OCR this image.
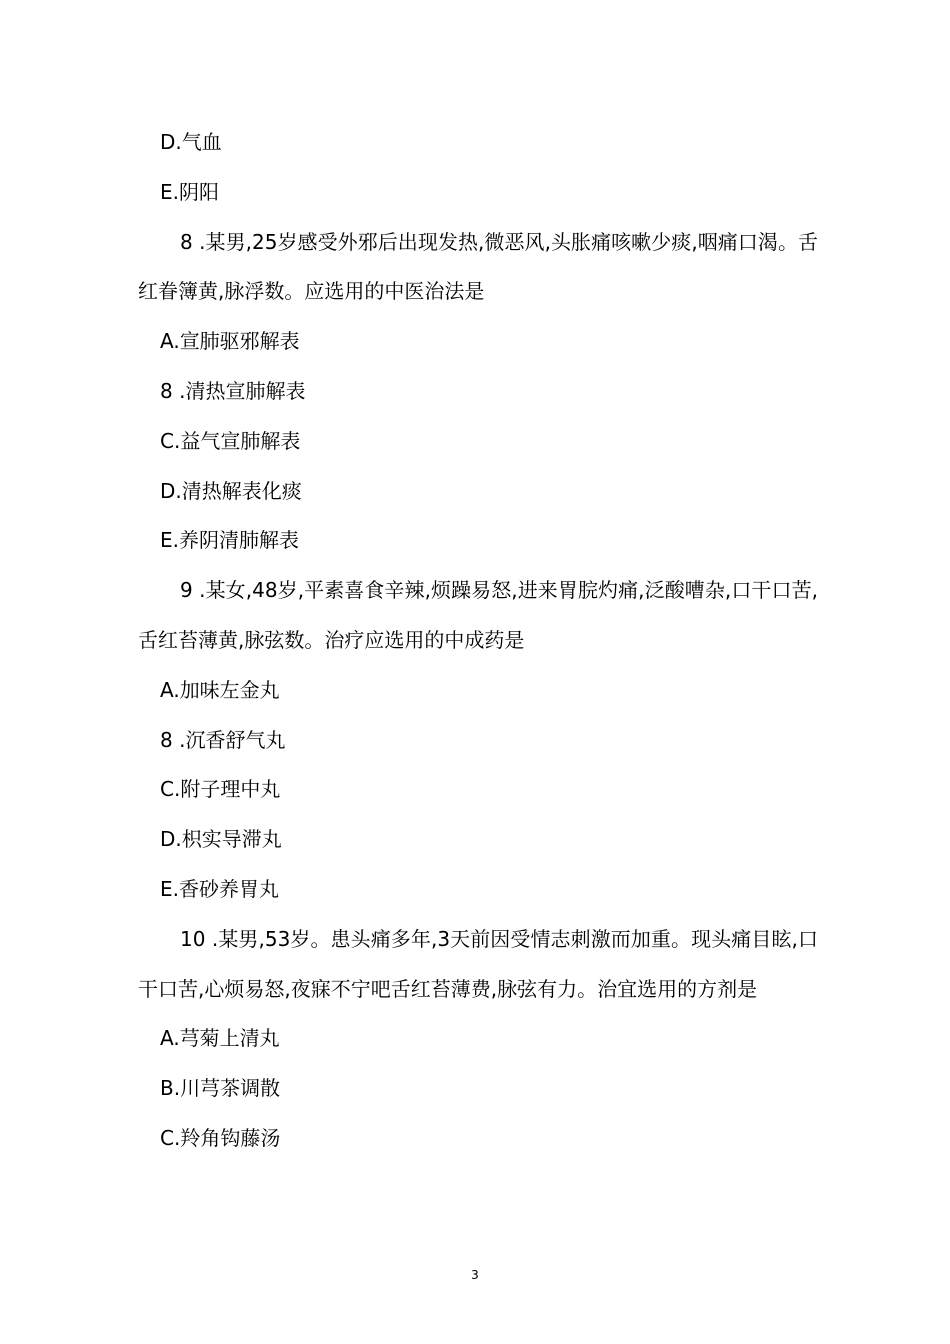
D.气血

E.阴阳

8 .某男,25岁感受外邪后出现发热,微恶风,头胀痛咳嗽少痰,咽痛口渴。舌红眷簿黄,脉浮数。应选用的中医治法是

A.宣肺驱邪解表

8 .清热宣肺解表

C.益气宣肺解表

D.清热解表化痰

E.养阴清肺解表

9 .某女,48岁,平素喜食辛辣,烦躁易怒,进来胃脘灼痛,泛酸嘈杂,口干口苦,舌红苔薄黄,脉弦数。治疗应选用的中成药是

A.加味左金丸

8 .沉香舒气丸

C.附子理中丸

D.枳实导滞丸

E.香砂养胃丸

10 .某男,53岁。患头痛多年,3天前因受情志刺激而加重。现头痛目眩,口干口苦,心烦易怒,夜寐不宁吧舌红苔薄费,脉弦有力。治宜选用的方剂是

A.芎菊上清丸

B.川芎茶调散

C.羚角钩藤汤

3
